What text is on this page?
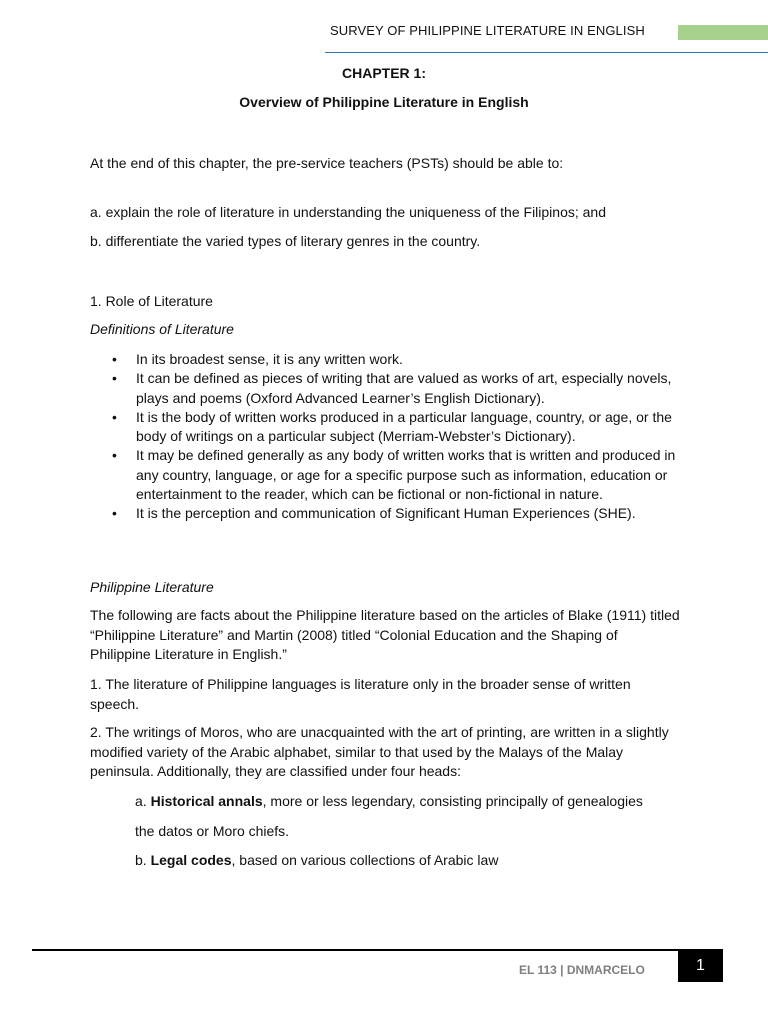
SURVEY OF PHILIPPINE LITERATURE IN ENGLISH
CHAPTER 1:
Overview of Philippine Literature in English
At the end of this chapter, the pre-service teachers (PSTs) should be able to:
a. explain the role of literature in understanding the uniqueness of the Filipinos; and
b. differentiate the varied types of literary genres in the country.
1. Role of Literature
Definitions of Literature
• In its broadest sense, it is any written work.
• It can be defined as pieces of writing that are valued as works of art, especially novels, plays and poems (Oxford Advanced Learner’s English Dictionary).
• It is the body of written works produced in a particular language, country, or age, or the body of writings on a particular subject (Merriam-Webster’s Dictionary).
• It may be defined generally as any body of written works that is written and produced in any country, language, or age for a specific purpose such as information, education or entertainment to the reader, which can be fictional or non-fictional in nature.
• It is the perception and communication of Significant Human Experiences (SHE).
Philippine Literature
The following are facts about the Philippine literature based on the articles of Blake (1911) titled “Philippine Literature” and Martin (2008) titled “Colonial Education and the Shaping of Philippine Literature in English.”
1. The literature of Philippine languages is literature only in the broader sense of written speech.
2. The writings of Moros, who are unacquainted with the art of printing, are written in a slightly modified variety of the Arabic alphabet, similar to that used by the Malays of the Malay peninsula. Additionally, they are classified under four heads:
a. Historical annals, more or less legendary, consisting principally of genealogies
the datos or Moro chiefs.
b. Legal codes, based on various collections of Arabic law
EL 113 | DNMARCELO	1
